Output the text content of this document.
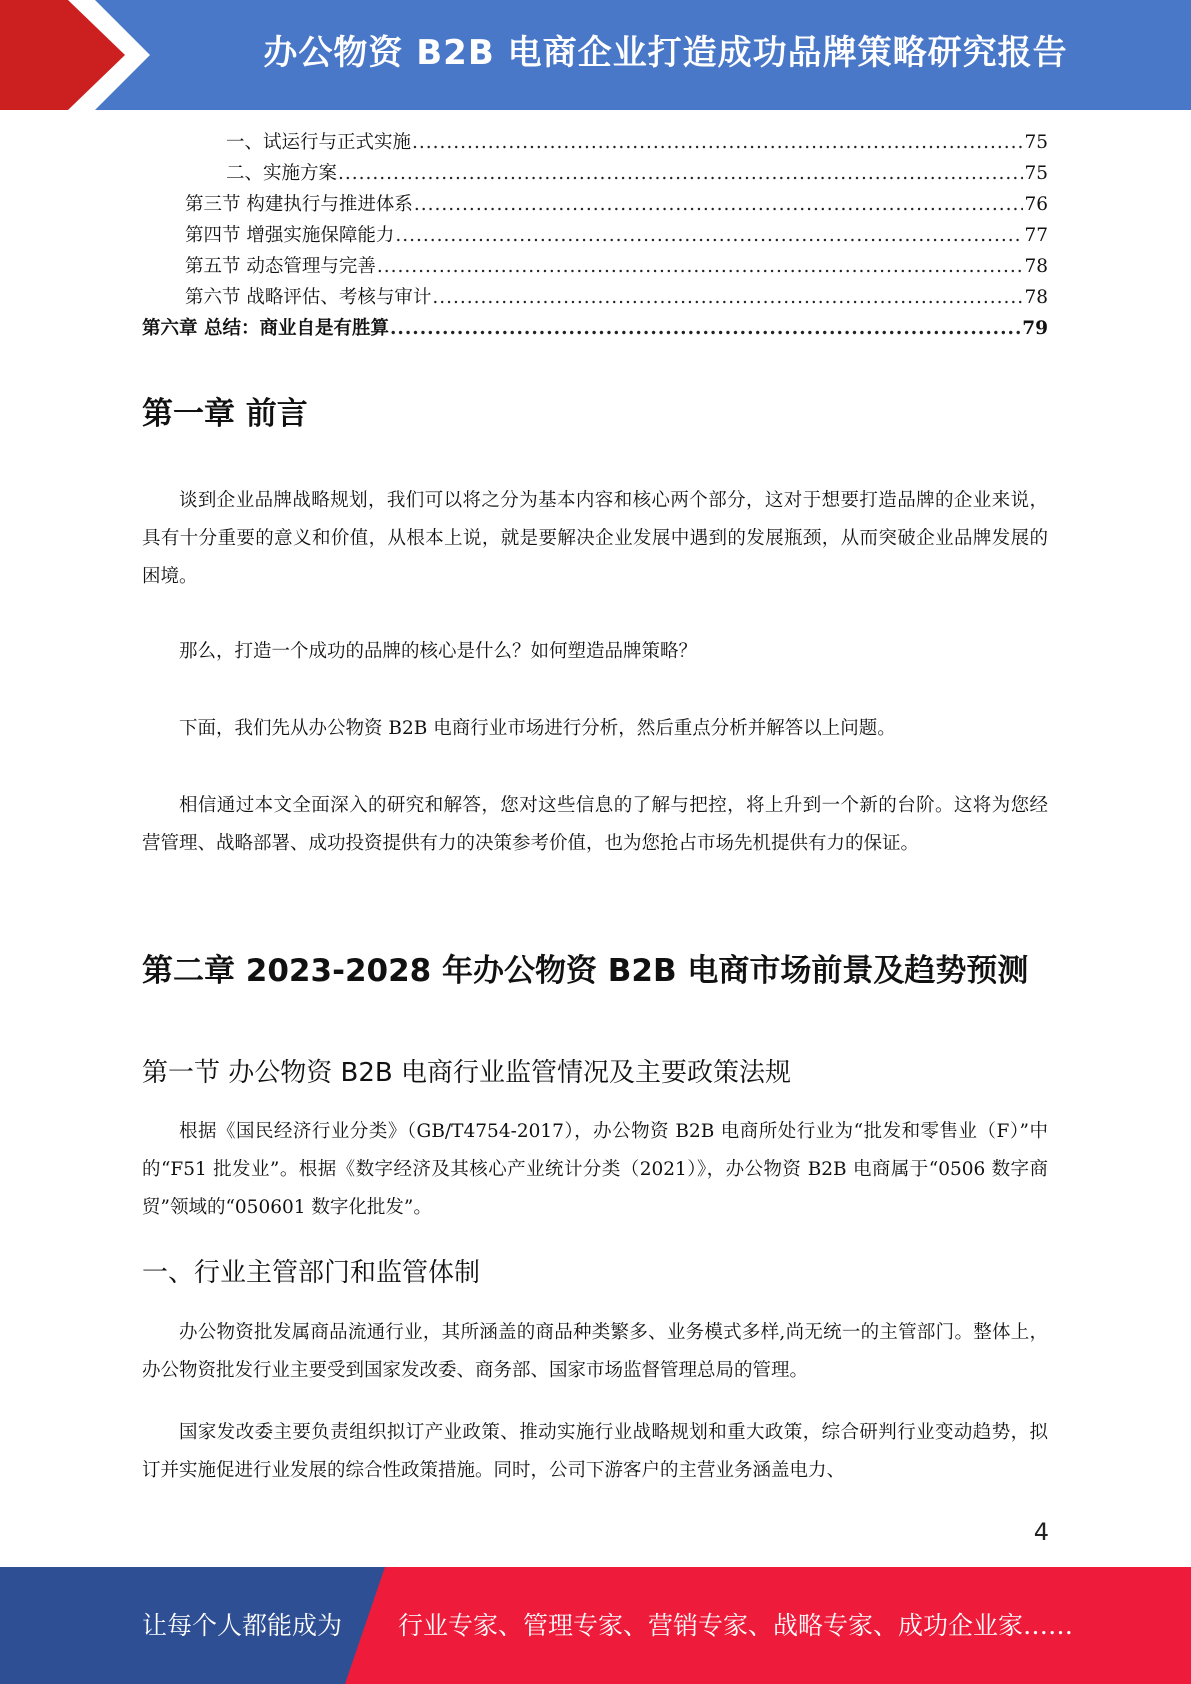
办公物资 B2B 电商企业打造成功品牌策略研究报告
一、试运行与正式实施 .....	75
二、实施方案 .....	75
第三节 构建执行与推进体系 .....	76
第四节 增强实施保障能力 .....	77
第五节 动态管理与完善 .....	78
第六节 战略评估、考核与审计 .....	78
第六章 总结：商业自是有胜算 .....	79
第一章 前言

谈到企业品牌战略规划，我们可以将之分为基本内容和核心两个部分，这对于想要打造品牌的企业来说，具有十分重要的意义和价值，从根本上说，就是要解决企业发展中遇到的发展瓶颈，从而突破企业品牌发展的困境。

那么，打造一个成功的品牌的核心是什么？如何塑造品牌策略？

下面，我们先从办公物资 B2B 电商行业市场进行分析，然后重点分析并解答以上问题。

相信通过本文全面深入的研究和解答，您对这些信息的了解与把控，将上升到一个新的台阶。这将为您经营管理、战略部署、成功投资提供有力的决策参考价值，也为您抢占市场先机提供有力的保证。

第二章 2023-2028 年办公物资 B2B 电商市场前景及趋势预测
第一节 办公物资 B2B 电商行业监管情况及主要政策法规

根据《国民经济行业分类》（GB/T4754-2017），办公物资 B2B 电商所处行业为“批发和零售业（F）”中的“F51 批发业”。根据《数字经济及其核心产业统计分类（2021）》，办公物资 B2B 电商属于“0506 数字商贸”领域的“050601 数字化批发”。

一、行业主管部门和监管体制

办公物资批发属商品流通行业，其所涵盖的商品种类繁多、业务模式多样,尚无统一的主管部门。整体上，办公物资批发行业主要受到国家发改委、商务部、国家市场监督管理总局的管理。

国家发改委主要负责组织拟订产业政策、推动实施行业战略规划和重大政策，综合研判行业变动趋势，拟订并实施促进行业发展的综合性政策措施。同时，公司下游客户的主营业务涵盖电力、

4
让每个人都能成为 行业专家、管理专家、营销专家、战略专家、成功企业家……
